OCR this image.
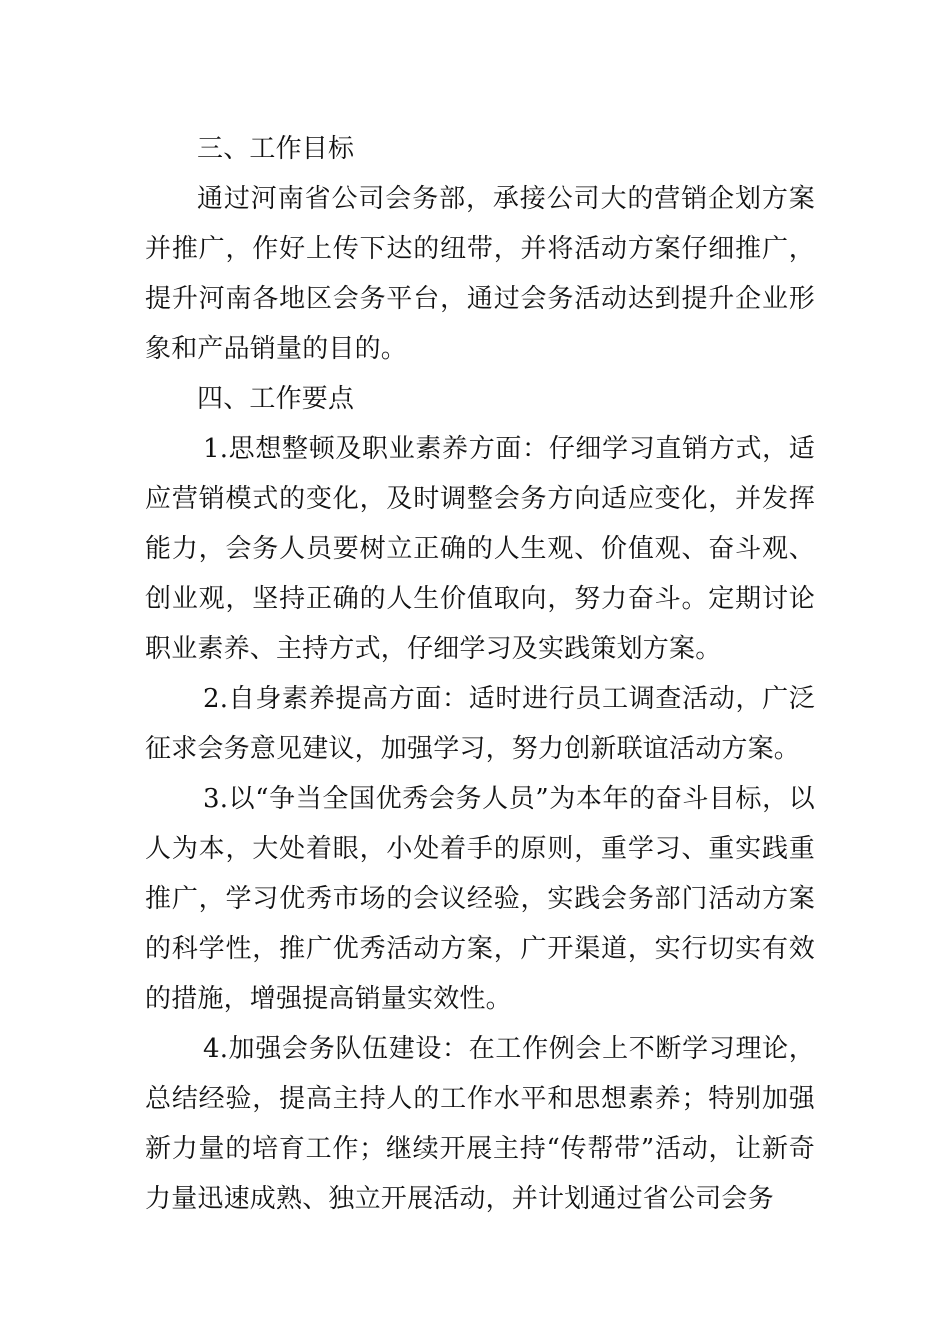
三、工作目标

通过河南省公司会务部，承接公司大的营销企划方案并推广，作好上传下达的纽带，并将活动方案仔细推广，提升河南各地区会务平台，通过会务活动达到提升企业形象和产品销量的目的。

四、工作要点

1.思想整顿及职业素养方面：仔细学习直销方式，适应营销模式的变化，及时调整会务方向适应变化，并发挥能力，会务人员要树立正确的人生观、价值观、奋斗观、创业观，坚持正确的人生价值取向，努力奋斗。定期讨论职业素养、主持方式，仔细学习及实践策划方案。

2.自身素养提高方面：适时进行员工调查活动，广泛征求会务意见建议，加强学习，努力创新联谊活动方案。

3.以“争当全国优秀会务人员”为本年的奋斗目标，以人为本，大处着眼，小处着手的原则，重学习、重实践重推广，学习优秀市场的会议经验，实践会务部门活动方案的科学性，推广优秀活动方案，广开渠道，实行切实有效的措施，增强提高销量实效性。

4.加强会务队伍建设：在工作例会上不断学习理论，总结经验，提高主持人的工作水平和思想素养；特别加强新力量的培育工作；继续开展主持“传帮带”活动，让新奇力量迅速成熟、独立开展活动，并计划通过省公司会务
